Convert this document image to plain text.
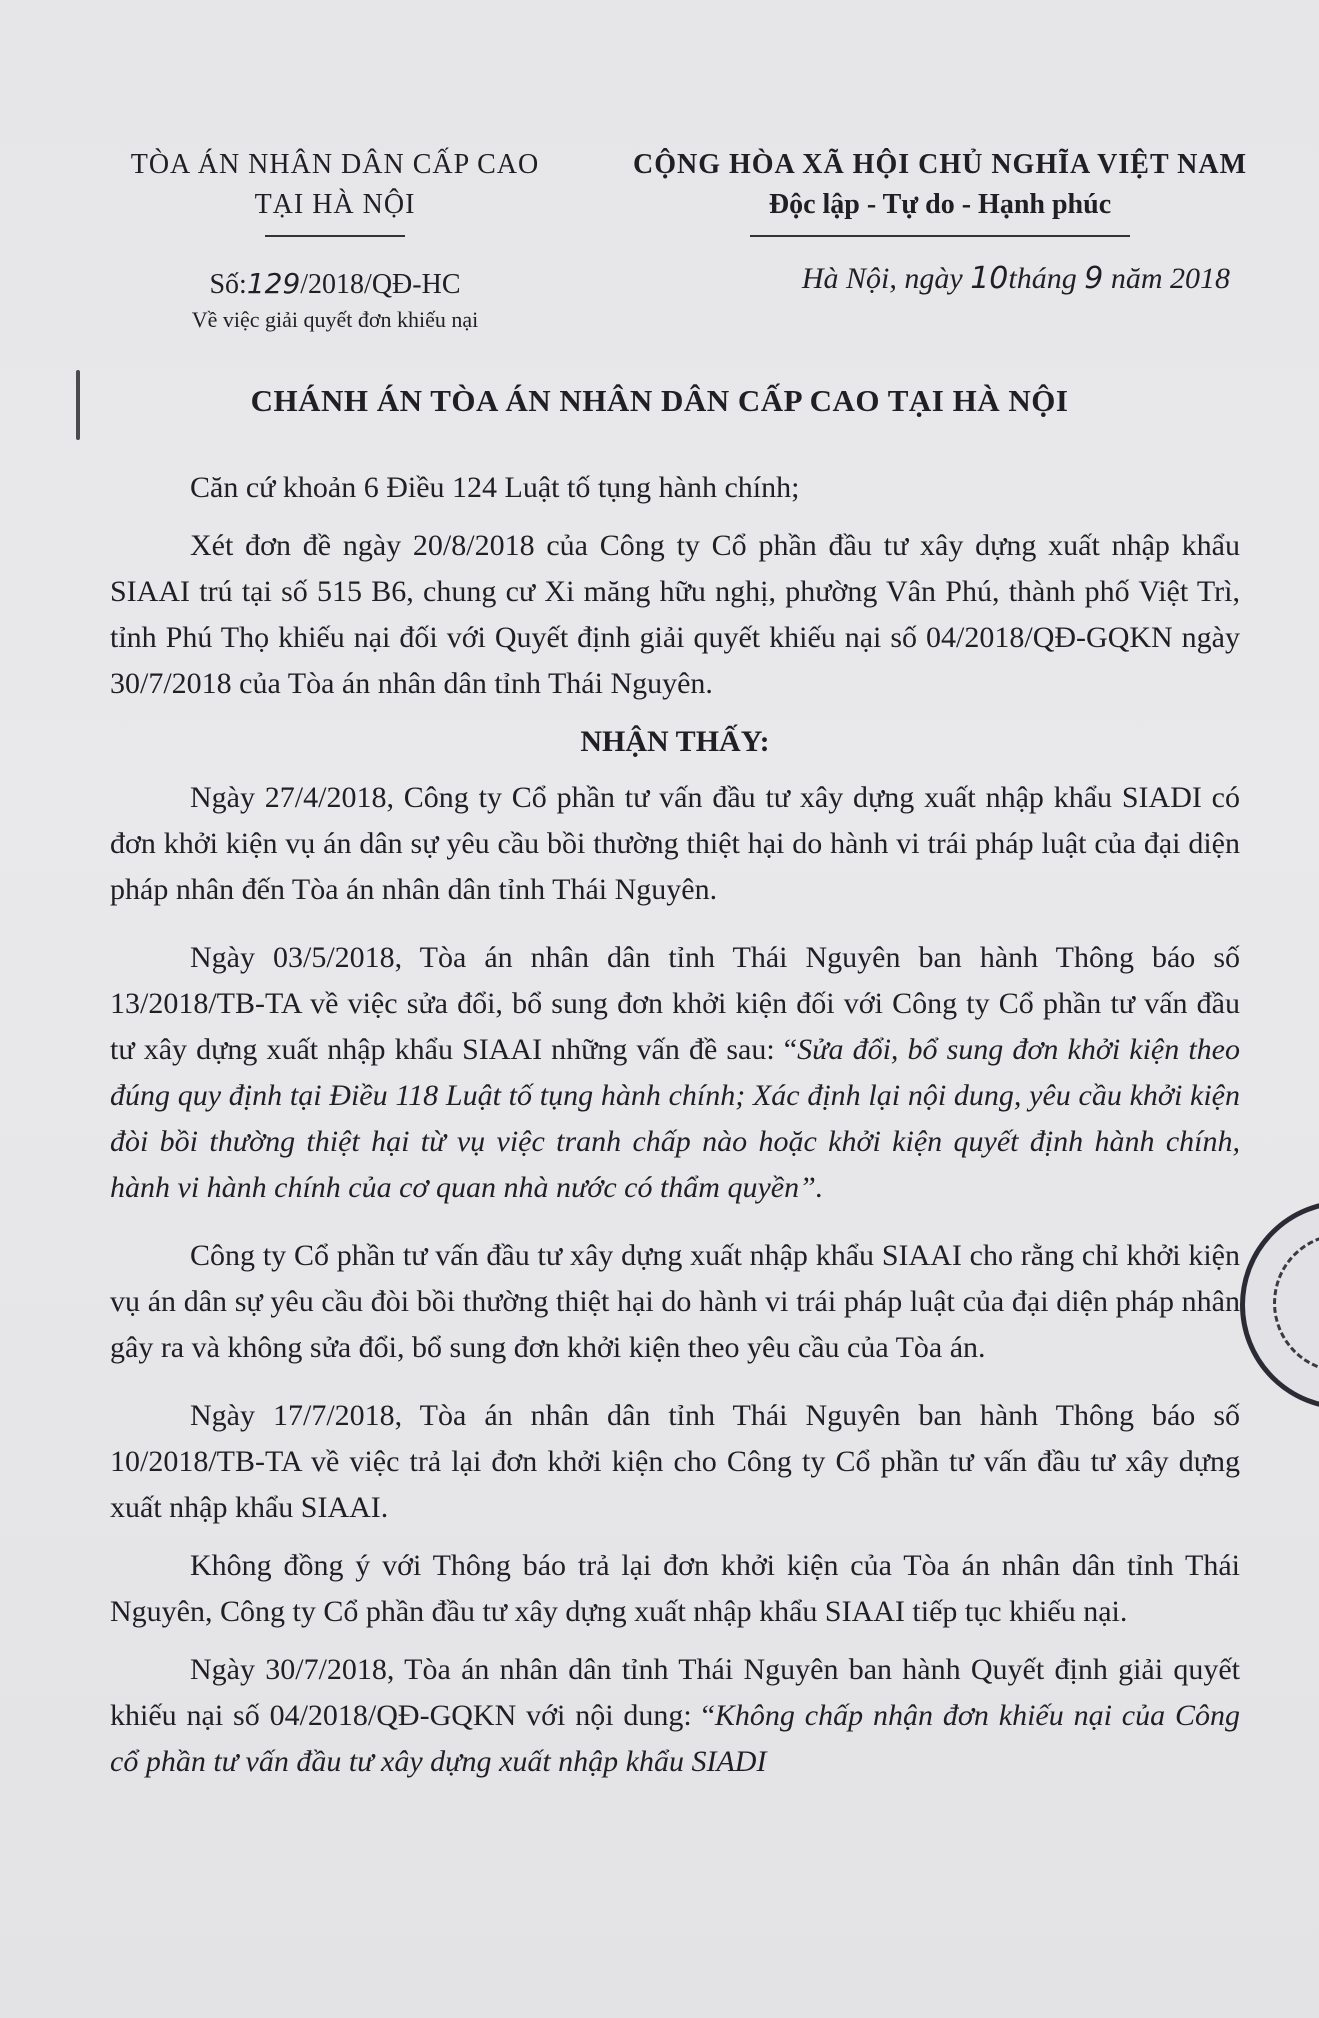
TÒA ÁN NHÂN DÂN CẤP CAO
TẠI HÀ NỘI
Số:129/2018/QĐ-HC
Về việc giải quyết đơn khiếu nại
CỘNG HÒA XÃ HỘI CHỦ NGHĨA VIỆT NAM
Độc lập - Tự do - Hạnh phúc
Hà Nội, ngày 10tháng 9 năm 2018
CHÁNH ÁN TÒA ÁN NHÂN DÂN CẤP CAO TẠI HÀ NỘI

Căn cứ khoản 6 Điều 124 Luật tố tụng hành chính;

Xét đơn đề ngày 20/8/2018 của Công ty Cổ phần đầu tư xây dựng xuất nhập khẩu SIAAI trú tại số 515 B6, chung cư Xi măng hữu nghị, phường Vân Phú, thành phố Việt Trì, tỉnh Phú Thọ khiếu nại đối với Quyết định giải quyết khiếu nại số 04/2018/QĐ-GQKN ngày 30/7/2018 của Tòa án nhân dân tỉnh Thái Nguyên.

NHẬN THẤY:

Ngày 27/4/2018, Công ty Cổ phần tư vấn đầu tư xây dựng xuất nhập khẩu SIADI có đơn khởi kiện vụ án dân sự yêu cầu bồi thường thiệt hại do hành vi trái pháp luật của đại diện pháp nhân đến Tòa án nhân dân tỉnh Thái Nguyên.

Ngày 03/5/2018, Tòa án nhân dân tỉnh Thái Nguyên ban hành Thông báo số 13/2018/TB-TA về việc sửa đổi, bổ sung đơn khởi kiện đối với Công ty Cổ phần tư vấn đầu tư xây dựng xuất nhập khẩu SIAAI những vấn đề sau: “Sửa đổi, bổ sung đơn khởi kiện theo đúng quy định tại Điều 118 Luật tố tụng hành chính; Xác định lại nội dung, yêu cầu khởi kiện đòi bồi thường thiệt hại từ vụ việc tranh chấp nào hoặc khởi kiện quyết định hành chính, hành vi hành chính của cơ quan nhà nước có thẩm quyền”.

Công ty Cổ phần tư vấn đầu tư xây dựng xuất nhập khẩu SIAAI cho rằng chỉ khởi kiện vụ án dân sự yêu cầu đòi bồi thường thiệt hại do hành vi trái pháp luật của đại diện pháp nhân gây ra và không sửa đổi, bổ sung đơn khởi kiện theo yêu cầu của Tòa án.

Ngày 17/7/2018, Tòa án nhân dân tỉnh Thái Nguyên ban hành Thông báo số 10/2018/TB-TA về việc trả lại đơn khởi kiện cho Công ty Cổ phần tư vấn đầu tư xây dựng xuất nhập khẩu SIAAI.

Không đồng ý với Thông báo trả lại đơn khởi kiện của Tòa án nhân dân tỉnh Thái Nguyên, Công ty Cổ phần đầu tư xây dựng xuất nhập khẩu SIAAI tiếp tục khiếu nại.

Ngày 30/7/2018, Tòa án nhân dân tỉnh Thái Nguyên ban hành Quyết định giải quyết khiếu nại số 04/2018/QĐ-GQKN với nội dung: “Không chấp nhận đơn khiếu nại của Công cổ phần tư vấn đầu tư xây dựng xuất nhập khẩu SIADI
